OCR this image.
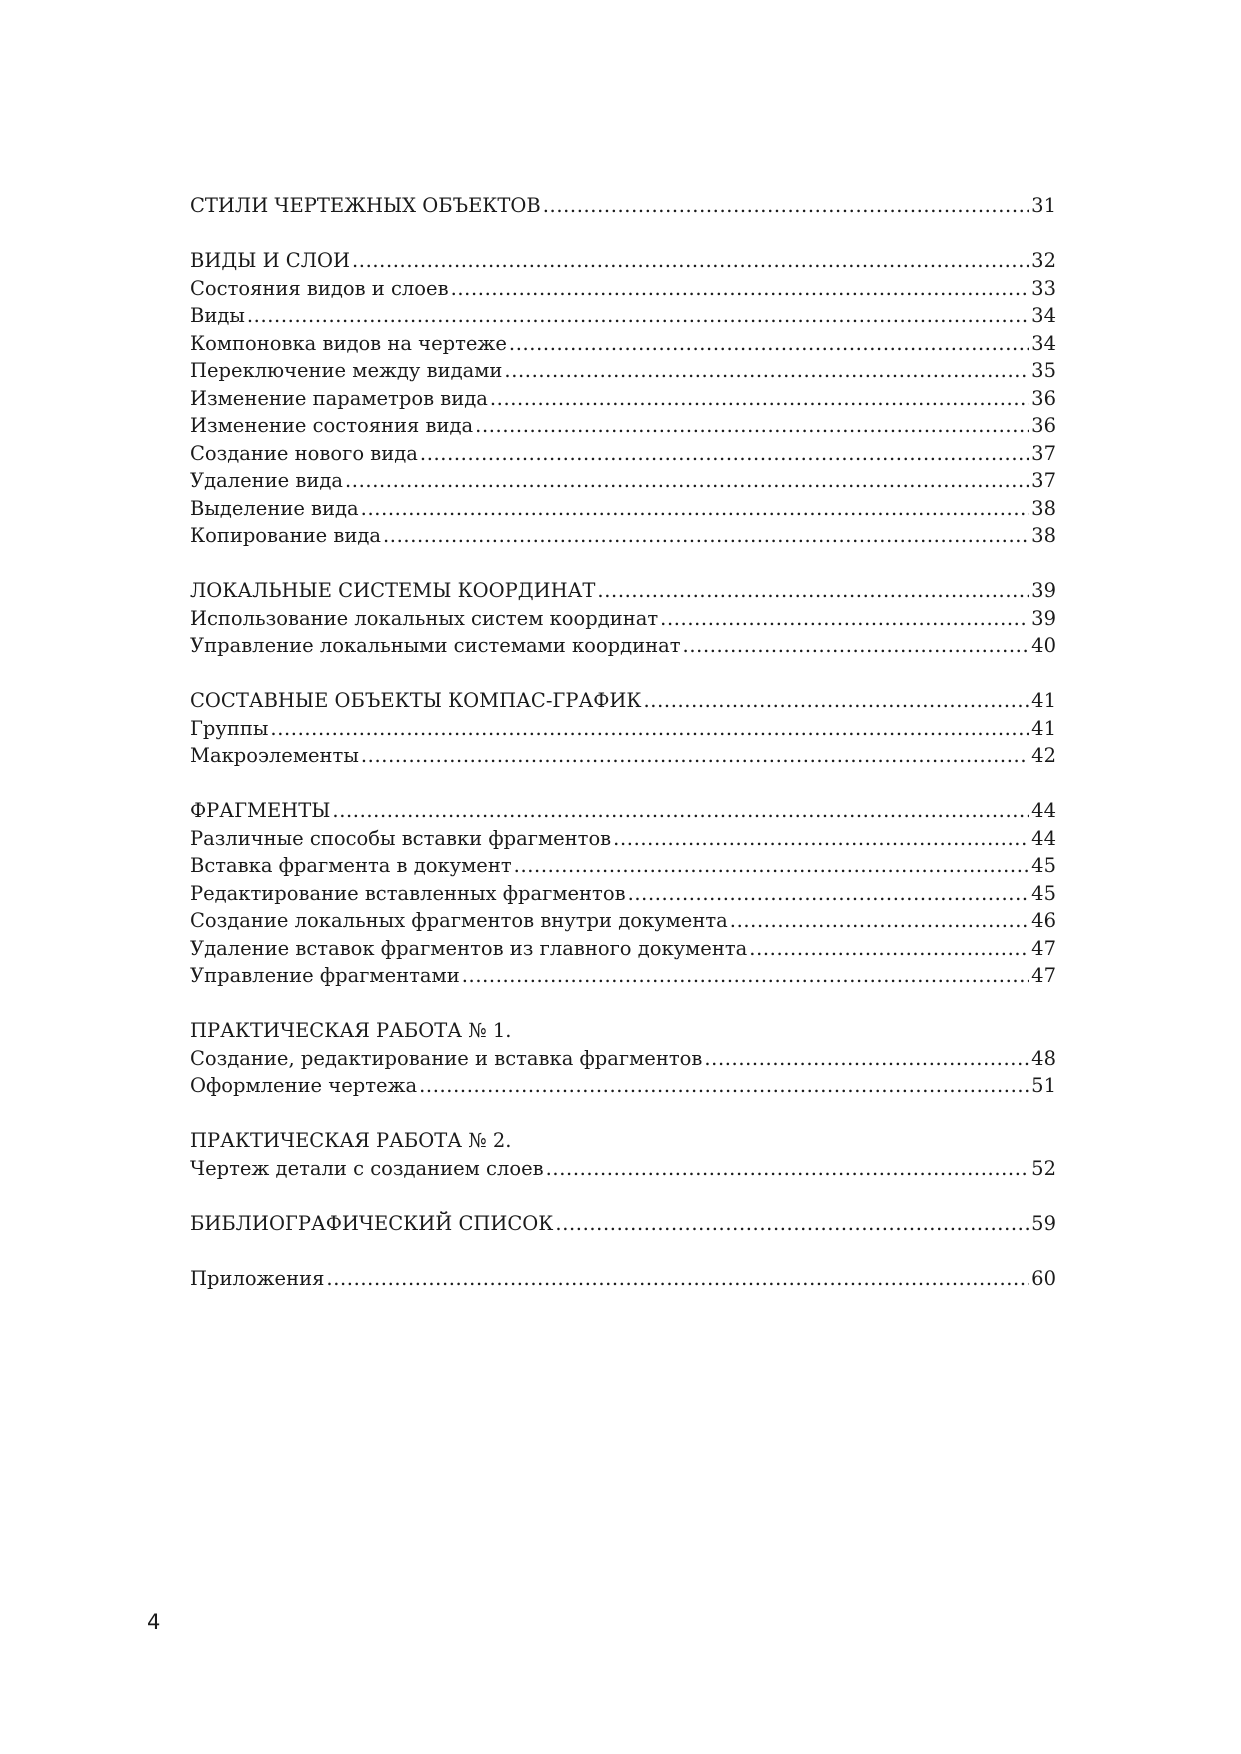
СТИЛИ ЧЕРТЕЖНЫХ ОБЪЕКТОВ .....	31
ВИДЫ И СЛОИ .....	32
Состояния видов и слоев .....	33
Виды .....	34
Компоновка видов на чертеже .....	34
Переключение между видами .....	35
Изменение параметров вида .....	36
Изменение состояния вида .....	36
Создание нового вида .....	37
Удаление вида .....	37
Выделение вида .....	38
Копирование вида .....	38
ЛОКАЛЬНЫЕ СИСТЕМЫ КООРДИНАТ .....	39
Использование локальных систем координат .....	39
Управление локальными системами координат .....	40
СОСТАВНЫЕ ОБЪЕКТЫ КОМПАС-ГРАФИК .....	41
Группы .....	41
Макроэлементы .....	42
ФРАГМЕНТЫ .....	44
Различные способы вставки фрагментов .....	44
Вставка фрагмента в документ .....	45
Редактирование вставленных фрагментов .....	45
Создание локальных фрагментов внутри документа .....	46
Удаление вставок фрагментов из главного документа .....	47
Управление фрагментами .....	47
ПРАКТИЧЕСКАЯ РАБОТА № 1.
Создание, редактирование и вставка фрагментов .....	48
Оформление чертежа .....	51
ПРАКТИЧЕСКАЯ РАБОТА № 2.
Чертеж детали с созданием слоев .....	52
БИБЛИОГРАФИЧЕСКИЙ СПИСОК .....	59
Приложения .....	60
4
